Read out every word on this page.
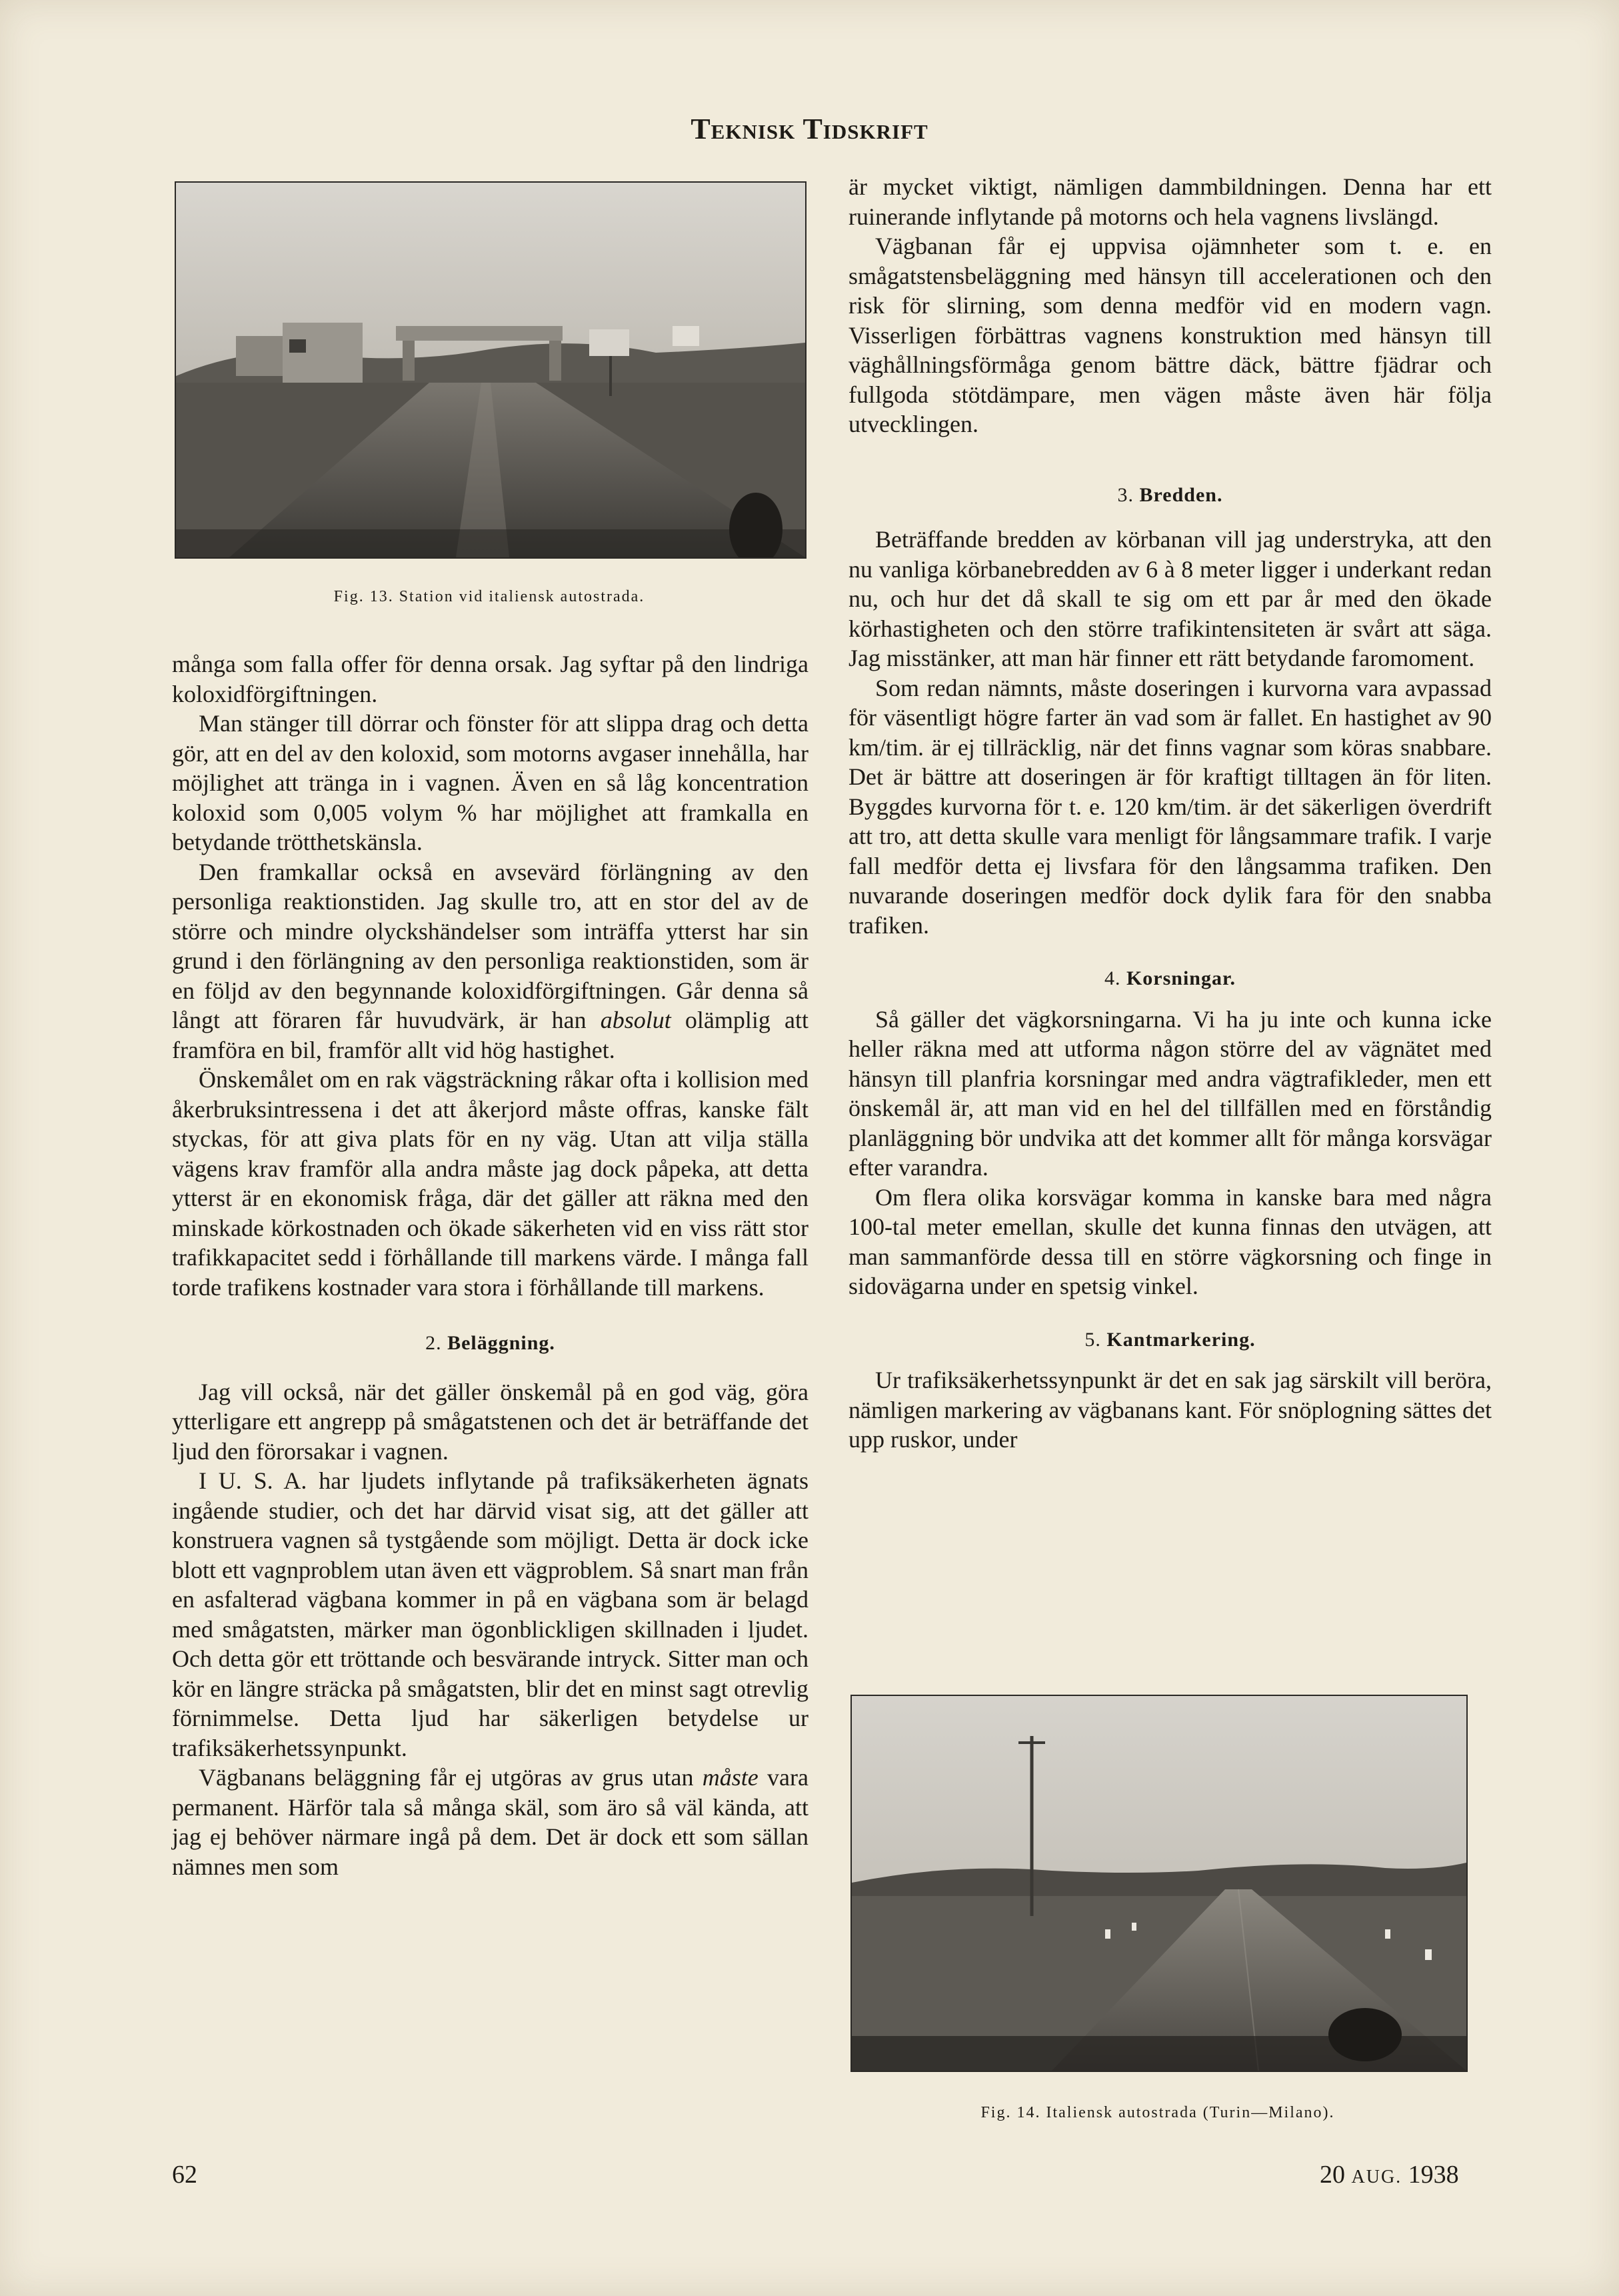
Teknisk Tidskrift
Fig. 13. Station vid italiensk autostrada.

många som falla offer för denna orsak. Jag syftar på den lindriga koloxidförgiftningen.

Man stänger till dörrar och fönster för att slippa drag och detta gör, att en del av den koloxid, som motorns avgaser innehålla, har möjlighet att tränga in i vagnen. Även en så låg koncentration koloxid som 0,005 volym % har möjlighet att framkalla en betydande trötthetskänsla.

Den framkallar också en avsevärd förlängning av den personliga reaktionstiden. Jag skulle tro, att en stor del av de större och mindre olyckshändelser som inträffa ytterst har sin grund i den förlängning av den personliga reaktionstiden, som är en följd av den begynnande koloxidförgiftningen. Går denna så långt att föraren får huvudvärk, är han absolut olämplig att framföra en bil, framför allt vid hög hastighet.

Önskemålet om en rak vägsträckning råkar ofta i kollision med åkerbruksintressena i det att åkerjord måste offras, kanske fält styckas, för att giva plats för en ny väg. Utan att vilja ställa vägens krav framför alla andra måste jag dock påpeka, att detta ytterst är en ekonomisk fråga, där det gäller att räkna med den minskade körkostnaden och ökade säkerheten vid en viss rätt stor trafikkapacitet sedd i förhållande till markens värde. I många fall torde trafikens kostnader vara stora i förhållande till markens.

2. Beläggning.

Jag vill också, när det gäller önskemål på en god väg, göra ytterligare ett angrepp på smågatstenen och det är beträffande det ljud den förorsakar i vagnen.

I U. S. A. har ljudets inflytande på trafiksäkerheten ägnats ingående studier, och det har därvid visat sig, att det gäller att konstruera vagnen så tystgående som möjligt. Detta är dock icke blott ett vagnproblem utan även ett vägproblem. Så snart man från en asfalterad vägbana kommer in på en vägbana som är belagd med smågatsten, märker man ögonblickligen skillnaden i ljudet. Och detta gör ett tröttande och besvärande intryck. Sitter man och kör en längre sträcka på smågatsten, blir det en minst sagt otrevlig förnimmelse. Detta ljud har säkerligen betydelse ur trafiksäkerhetssynpunkt.

Vägbanans beläggning får ej utgöras av grus utan måste vara permanent. Härför tala så många skäl, som äro så väl kända, att jag ej behöver närmare ingå på dem. Det är dock ett som sällan nämnes men som

är mycket viktigt, nämligen dammbildningen. Denna har ett ruinerande inflytande på motorns och hela vagnens livslängd.

Vägbanan får ej uppvisa ojämnheter som t. e. en smågatstensbeläggning med hänsyn till accelerationen och den risk för slirning, som denna medför vid en modern vagn. Visserligen förbättras vagnens konstruktion med hänsyn till väghållningsförmåga genom bättre däck, bättre fjädrar och fullgoda stötdämpare, men vägen måste även här följa utvecklingen.

3. Bredden.

Beträffande bredden av körbanan vill jag understryka, att den nu vanliga körbanebredden av 6 à 8 meter ligger i underkant redan nu, och hur det då skall te sig om ett par år med den ökade körhastigheten och den större trafikintensiteten är svårt att säga. Jag misstänker, att man här finner ett rätt betydande faromoment.

Som redan nämnts, måste doseringen i kurvorna vara avpassad för väsentligt högre farter än vad som är fallet. En hastighet av 90 km/tim. är ej tillräcklig, när det finns vagnar som köras snabbare. Det är bättre att doseringen är för kraftigt tilltagen än för liten. Byggdes kurvorna för t. e. 120 km/tim. är det säkerligen överdrift att tro, att detta skulle vara menligt för långsammare trafik. I varje fall medför detta ej livsfara för den långsamma trafiken. Den nuvarande doseringen medför dock dylik fara för den snabba trafiken.

4. Korsningar.

Så gäller det vägkorsningarna. Vi ha ju inte och kunna icke heller räkna med att utforma någon större del av vägnätet med hänsyn till planfria korsningar med andra vägtrafikleder, men ett önskemål är, att man vid en hel del tillfällen med en förståndig planläggning bör undvika att det kommer allt för många korsvägar efter varandra.

Om flera olika korsvägar komma in kanske bara med några 100-tal meter emellan, skulle det kunna finnas den utvägen, att man sammanförde dessa till en större vägkorsning och finge in sidovägarna under en spetsig vinkel.

5. Kantmarkering.

Ur trafiksäkerhetssynpunkt är det en sak jag särskilt vill beröra, nämligen markering av vägbanans kant. För snöplogning sättes det upp ruskor, under

Fig. 14. Italiensk autostrada (Turin—Milano).
62	20 AUG. 1938
